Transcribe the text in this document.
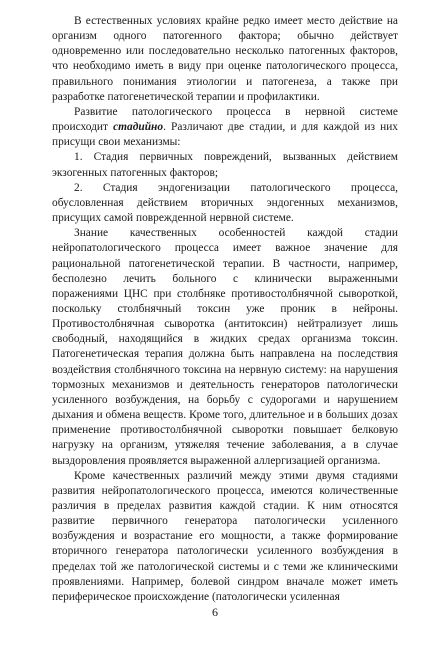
В естественных условиях крайне редко имеет место действие на организм одного патогенного фактора; обычно действует одновременно или последовательно несколько патогенных факторов, что необходимо иметь в виду при оценке патологического процесса, правильного понимания этиологии и патогенеза, а также при разработке патогенетической терапии и профилактики.

Развитие патологического процесса в нервной системе происходит стадийно. Различают две стадии, и для каждой из них присущи свои механизмы:

1. Стадия первичных повреждений, вызванных действием экзогенных патогенных факторов;

2. Стадия эндогенизации патологического процесса, обусловленная действием вторичных эндогенных механизмов, присущих самой поврежденной нервной системе.

Знание качественных особенностей каждой стадии нейропатологического процесса имеет важное значение для рациональной патогенетической терапии. В частности, например, бесполезно лечить больного с клинически выраженными поражениями ЦНС при столбняке противостолбнячной сывороткой, поскольку столбнячный токсин уже проник в нейроны. Противостолбнячная сыворотка (антитоксин) нейтрализует лишь свободный, находящийся в жидких средах организма токсин. Патогенетическая терапия должна быть направлена на последствия воздействия столбнячного токсина на нервную систему: на нарушения тормозных механизмов и деятельность генераторов патологически усиленного возбуждения, на борьбу с судорогами и нарушением дыхания и обмена веществ. Кроме того, длительное и в больших дозах применение противостолбнячной сыворотки повышает белковую нагрузку на организм, утяжеляя течение заболевания, а в случае выздоровления проявляется выраженной аллергизацией организма.

Кроме качественных различий между этими двумя стадиями развития нейропатологического процесса, имеются количественные различия в пределах развития каждой стадии. К ним относятся развитие первичного генератора патологически усиленного возбуждения и возрастание его мощности, а также формирование вторичного генератора патологически усиленного возбуждения в пределах той же патологической системы и с теми же клиническими проявлениями. Например, болевой синдром вначале может иметь периферическое происхождение (патологически усиленная

6
